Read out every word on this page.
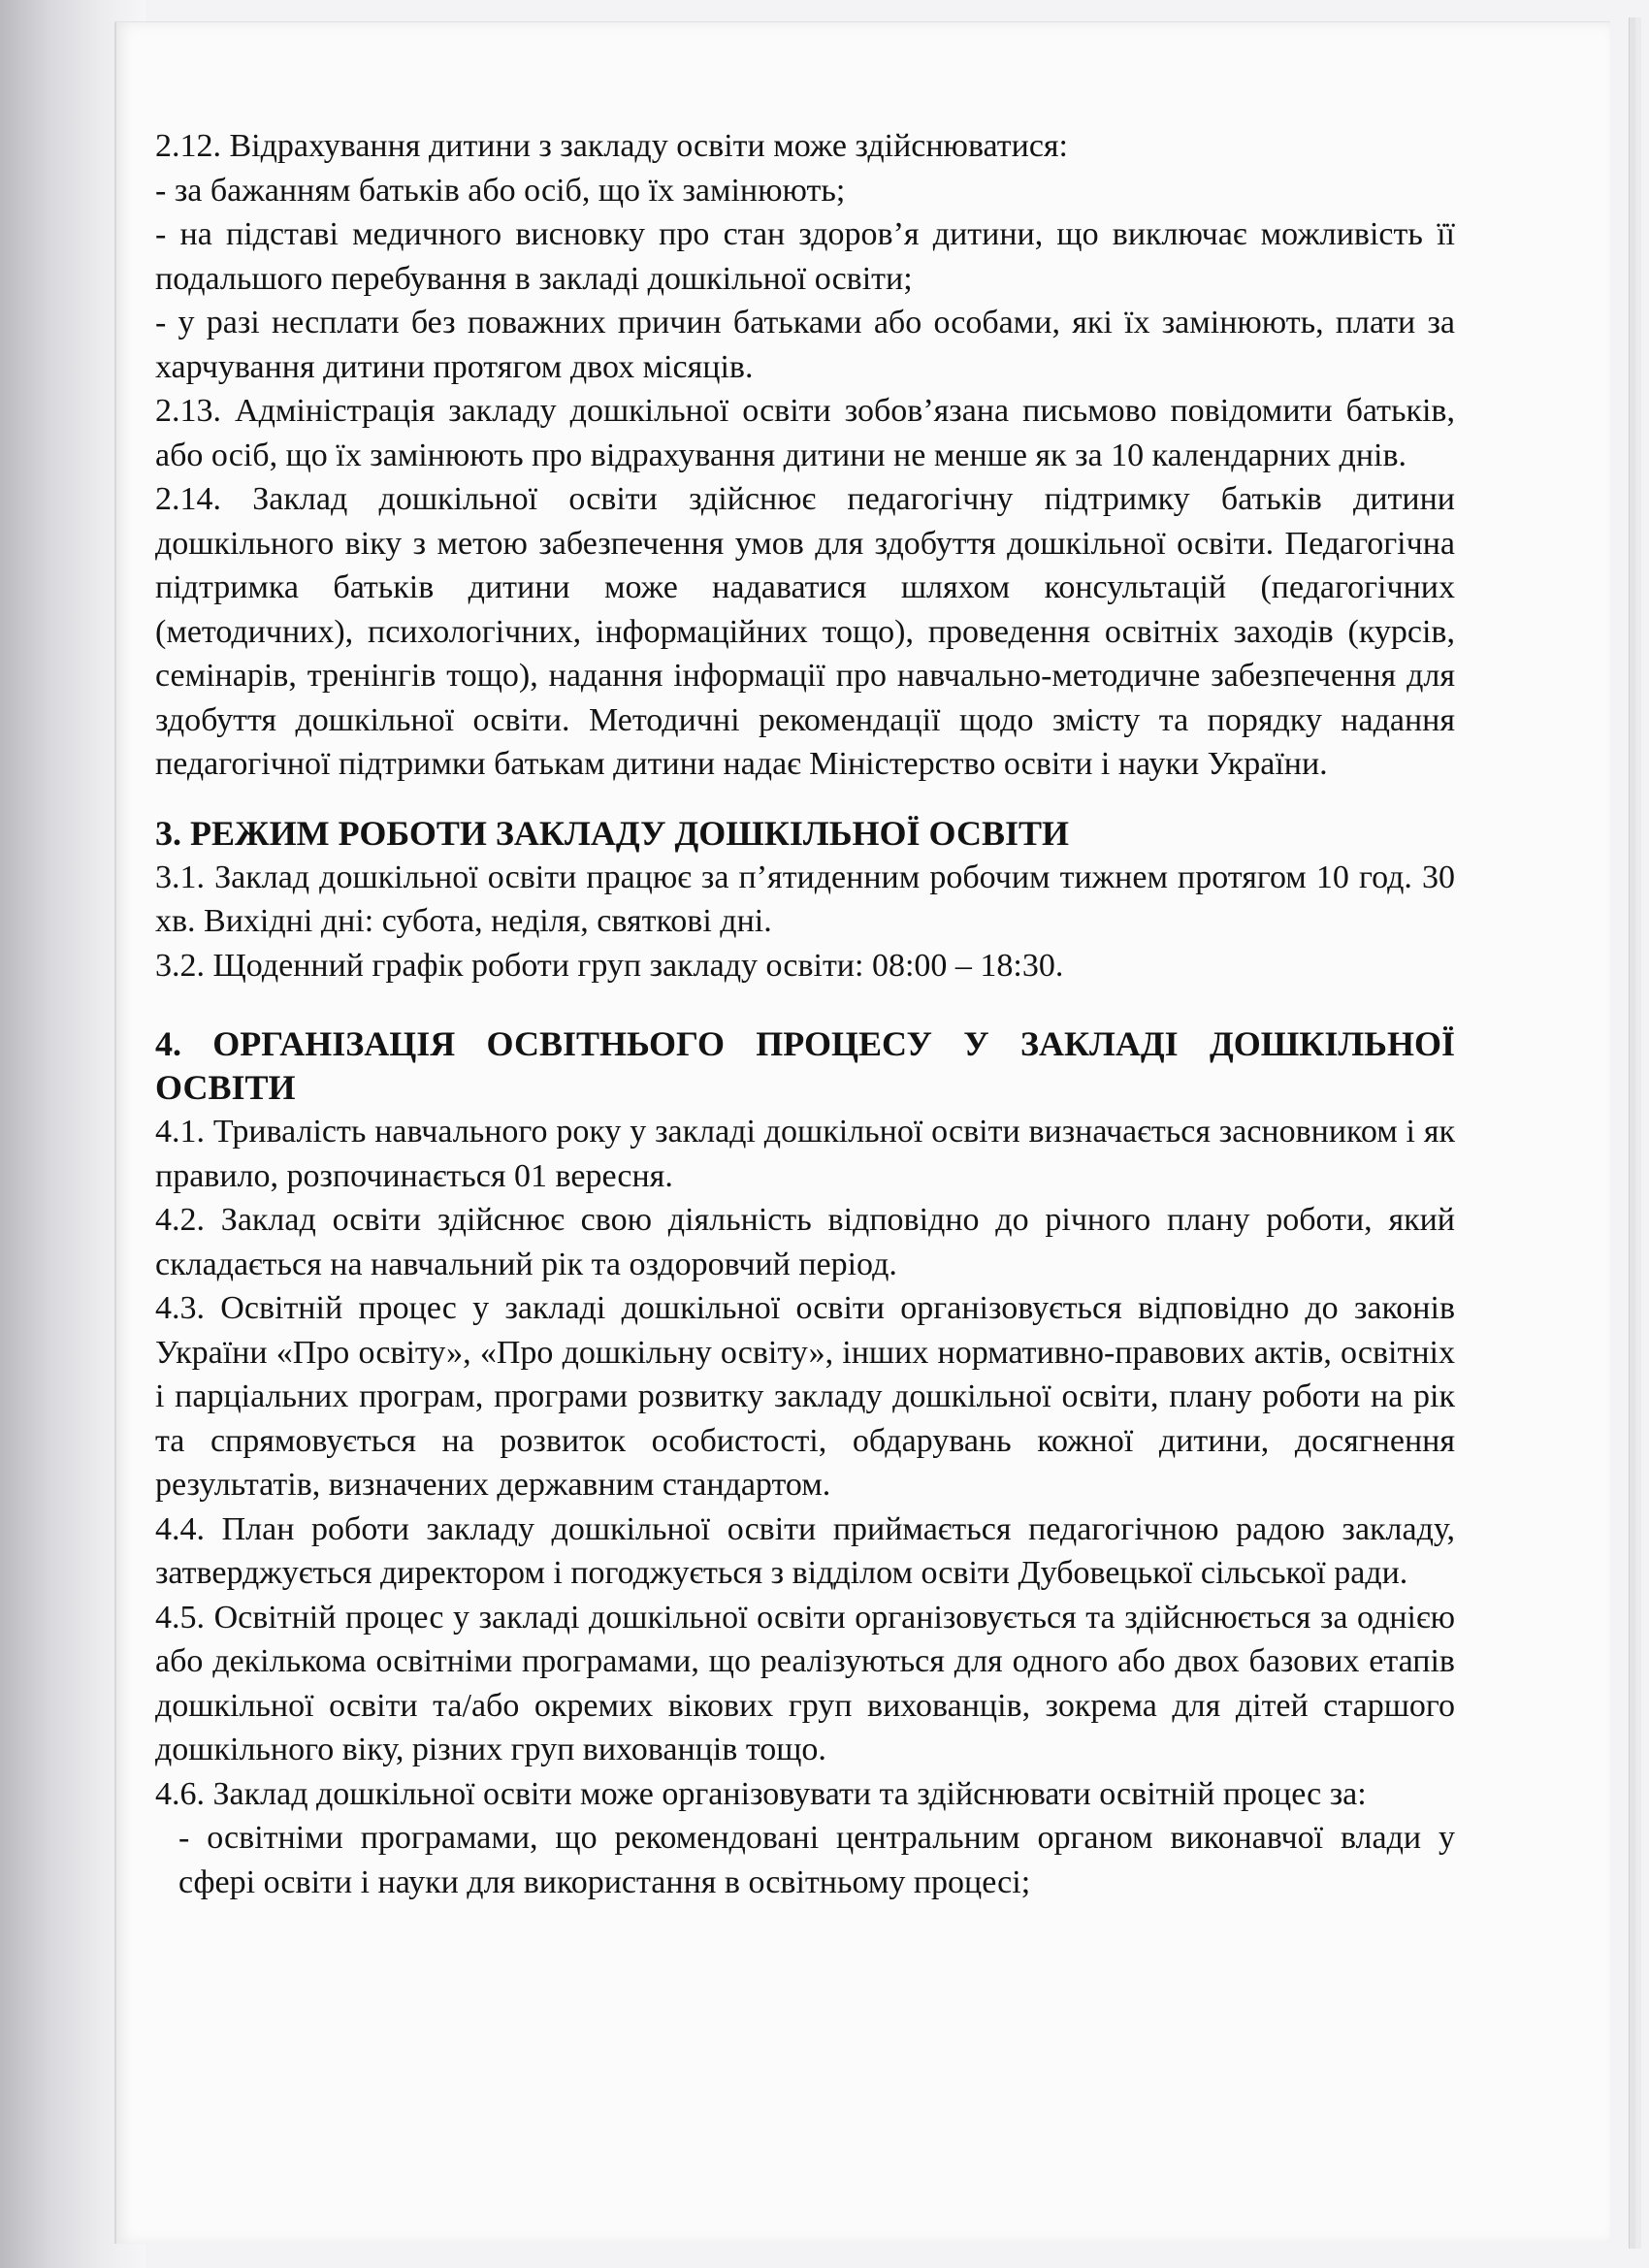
2.12. Відрахування дитини з закладу освіти може здійснюватися:

- за бажанням батьків або осіб, що їх замінюють;

- на підставі медичного висновку про стан здоров’я дитини, що виключає можливість її подальшого перебування в закладі дошкільної освіти;

- у разі несплати без поважних причин батьками або особами, які їх замінюють, плати за харчування дитини протягом двох місяців.

2.13. Адміністрація закладу дошкільної освіти зобов’язана письмово повідомити батьків, або осіб, що їх замінюють про відрахування дитини не менше як за 10 календарних днів.

2.14. Заклад дошкільної освіти здійснює педагогічну підтримку батьків дитини дошкільного віку з метою забезпечення умов для здобуття дошкільної освіти. Педагогічна підтримка батьків дитини може надаватися шляхом консультацій (педагогічних (методичних), психологічних, інформаційних тощо), проведення освітніх заходів (курсів, семінарів, тренінгів тощо), надання інформації про навчально-методичне забезпечення для здобуття дошкільної освіти. Методичні рекомендації щодо змісту та порядку надання педагогічної підтримки батькам дитини надає Міністерство освіти і науки України.

3. РЕЖИМ РОБОТИ ЗАКЛАДУ ДОШКІЛЬНОЇ ОСВІТИ

3.1. Заклад дошкільної освіти працює за п’ятиденним робочим тижнем протягом 10 год. 30 хв. Вихідні дні: субота, неділя, святкові дні.

3.2. Щоденний графік роботи груп закладу освіти: 08:00 – 18:30.

4. ОРГАНІЗАЦІЯ ОСВІТНЬОГО ПРОЦЕСУ У ЗАКЛАДІ ДОШКІЛЬНОЇ ОСВІТИ

4.1. Тривалість навчального року у закладі дошкільної освіти визначається засновником і як правило, розпочинається 01 вересня.

4.2. Заклад освіти здійснює свою діяльність відповідно до річного плану роботи, який складається на навчальний рік та оздоровчий період.

4.3. Освітній процес у закладі дошкільної освіти організовується відповідно до законів України «Про освіту», «Про дошкільну освіту», інших нормативно-правових актів, освітніх і парціальних програм, програми розвитку закладу дошкільної освіти, плану роботи на рік та спрямовується на розвиток особистості, обдарувань кожної дитини, досягнення результатів, визначених державним стандартом.

4.4. План роботи закладу дошкільної освіти приймається педагогічною радою закладу, затверджується директором і погоджується з відділом освіти Дубовецької сільської ради.

4.5. Освітній процес у закладі дошкільної освіти організовується та здійснюється за однією або декількома освітніми програмами, що реалізуються для одного або двох базових етапів дошкільної освіти та/або окремих вікових груп вихованців, зокрема для дітей старшого дошкільного віку, різних груп вихованців тощо.

4.6. Заклад дошкільної освіти може організовувати та здійснювати освітній процес за:

- освітніми програмами, що рекомендовані центральним органом виконавчої влади у сфері освіти і науки для використання в освітньому процесі;
